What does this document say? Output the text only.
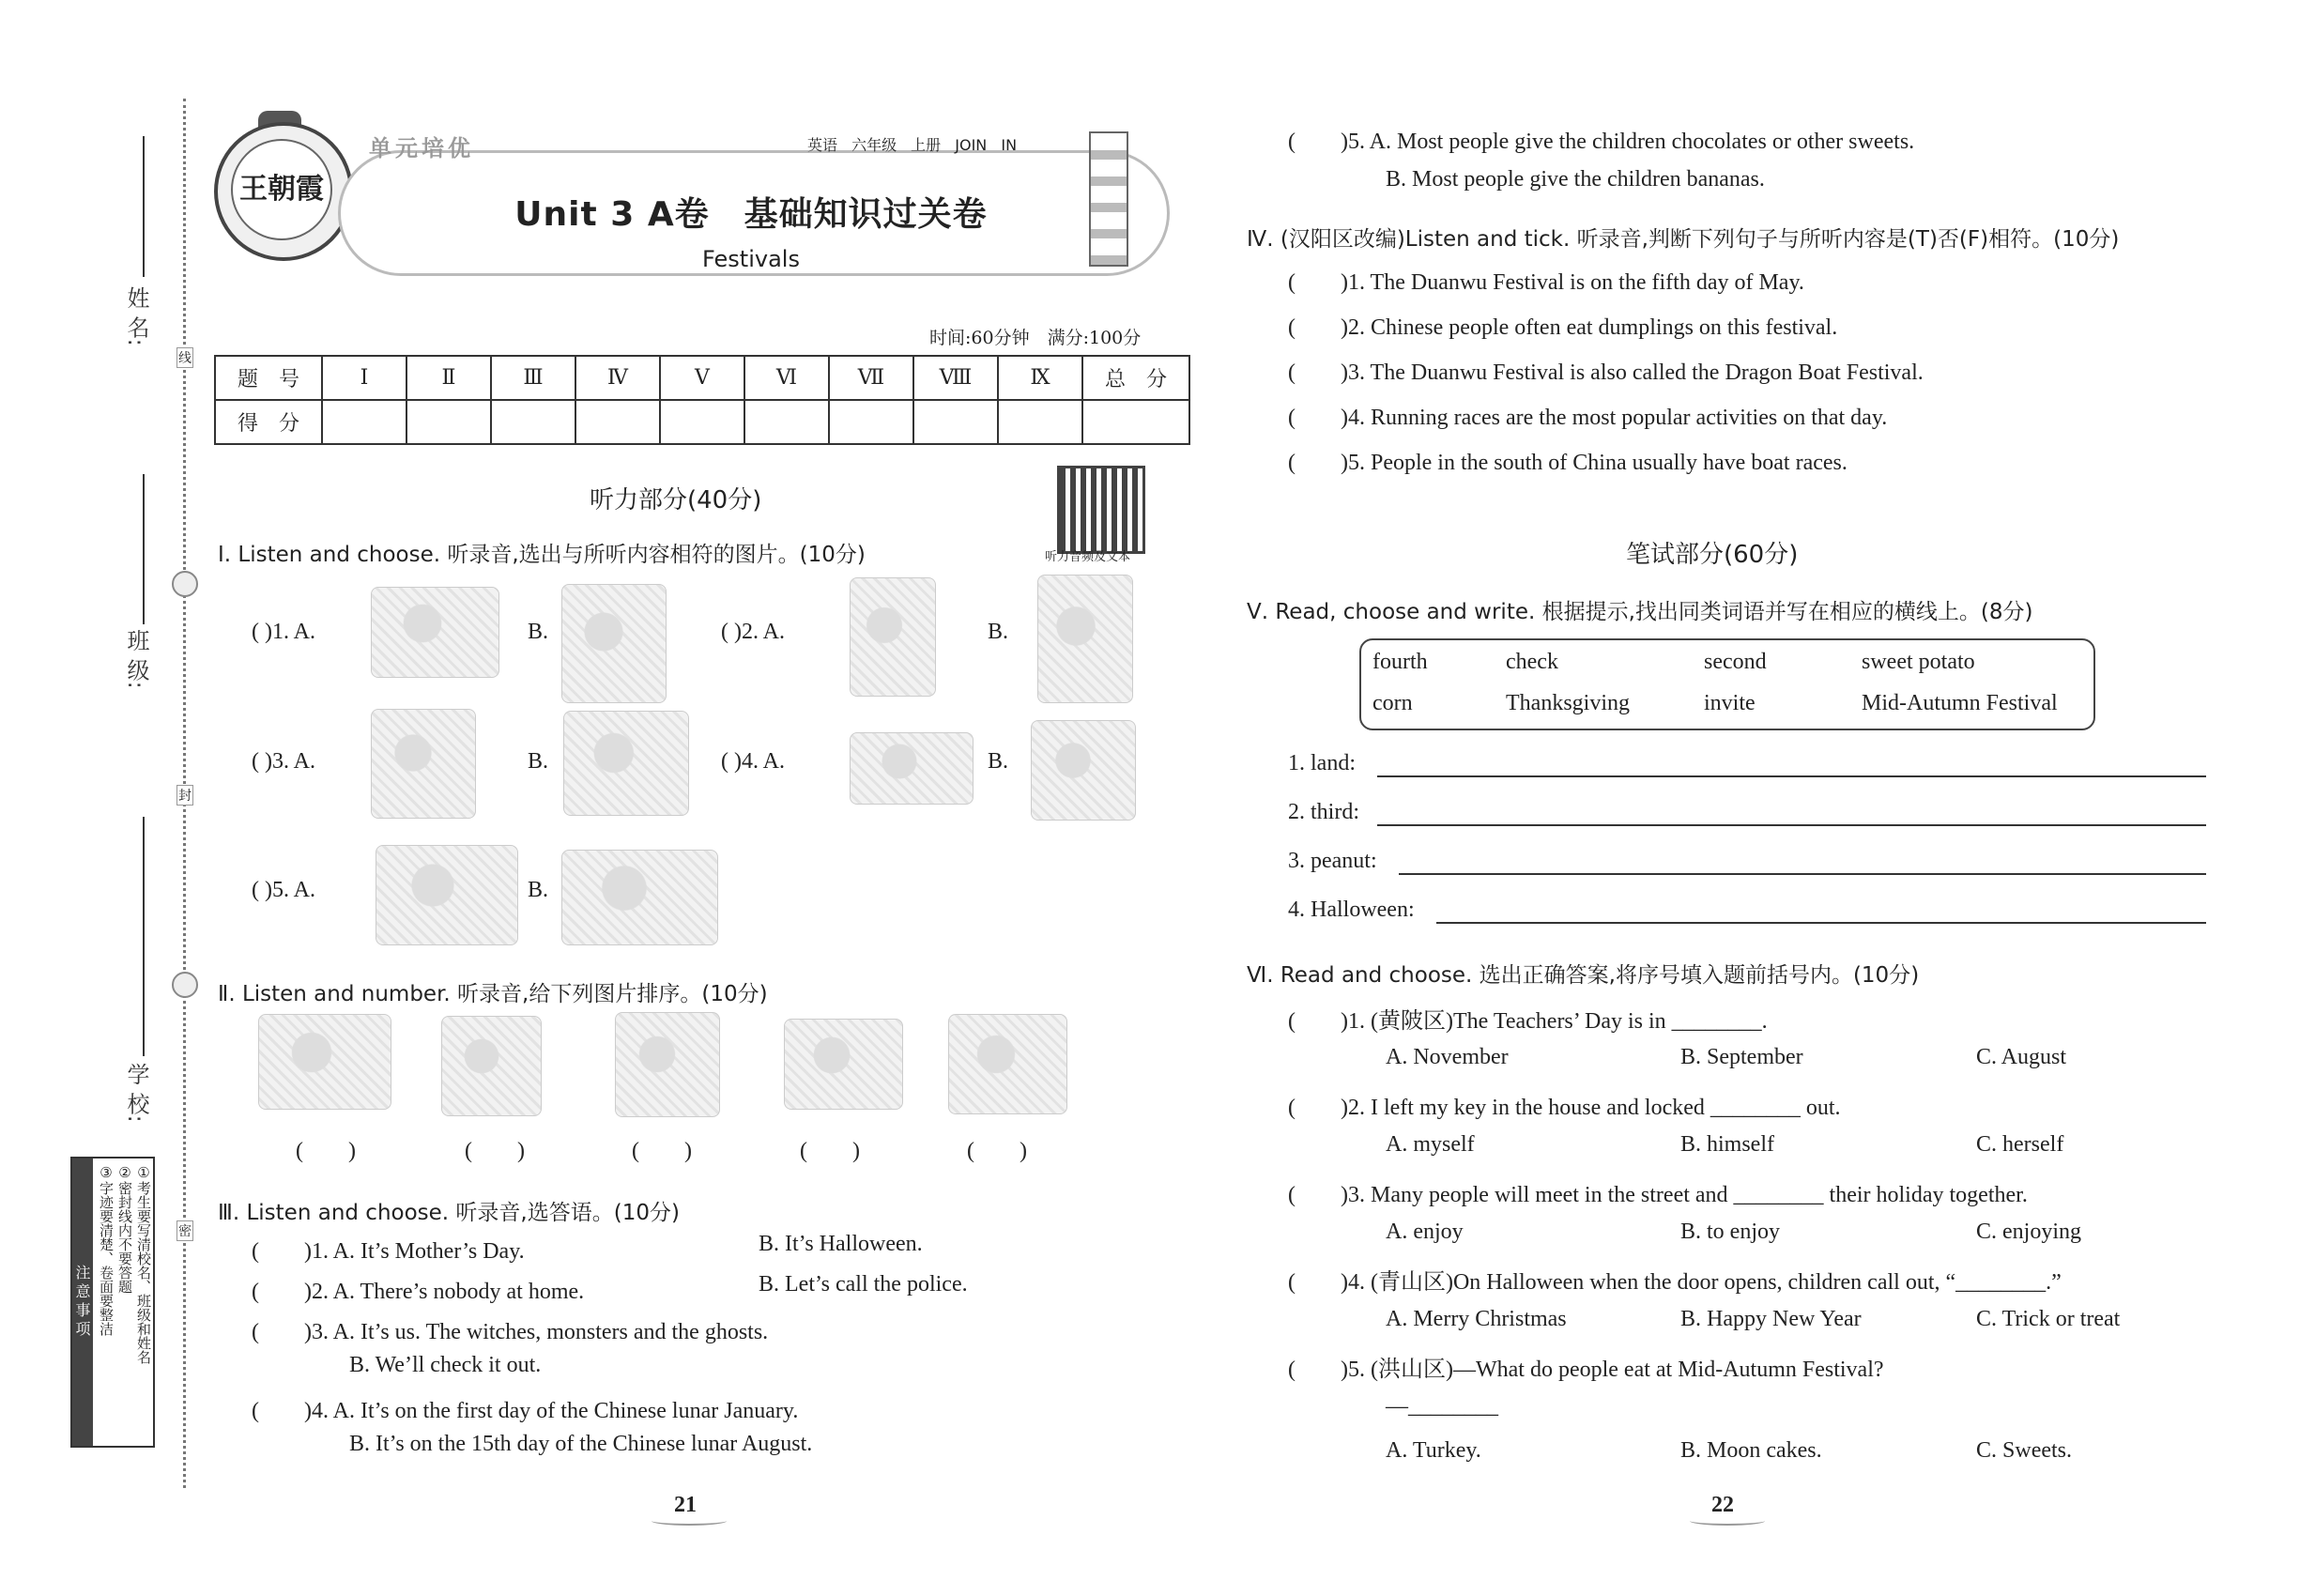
姓 名:
班 级:
学 校:
线
封
密
注意事项	①考生要写清校名、班级和姓名
②密封线内不要答题
③字迹要清楚、卷面要整洁
王朝霞
单元培优	英语 六年级 上册 JOIN IN
Unit 3 A卷　基础知识过关卷
Festivals
时间:60分钟　满分:100分
题　号	Ⅰ	Ⅱ	Ⅲ	Ⅳ	Ⅴ	Ⅵ	Ⅶ	Ⅷ	Ⅸ	总　分
得　分										
听力部分(40分)
听力音频及文本
Ⅰ. Listen and choose. 听录音,选出与所听内容相符的图片。(10分)
( )1. A.	B.	( )2. A.	B.
( )3. A.	B.	( )4. A.	B.
( )5. A.	B.
Ⅱ. Listen and number. 听录音,给下列图片排序。(10分)
(　　)	(　　)	(　　)	(　　)	(　　)
Ⅲ. Listen and choose. 听录音,选答语。(10分)
(　　)1. A. It’s Mother’s Day.	B. It’s Halloween.
(　　)2. A. There’s nobody at home.	B. Let’s call the police.
(　　)3. A. It’s us. The witches, monsters and the ghosts.
B. We’ll check it out.
(　　)4. A. It’s on the first day of the Chinese lunar January.
B. It’s on the 15th day of the Chinese lunar August.
21
(　　)5. A. Most people give the children chocolates or other sweets.
B. Most people give the children bananas.
Ⅳ. (汉阳区改编)Listen and tick. 听录音,判断下列句子与所听内容是(T)否(F)相符。(10分)
(　　)1. The Duanwu Festival is on the fifth day of May.
(　　)2. Chinese people often eat dumplings on this festival.
(　　)3. The Duanwu Festival is also called the Dragon Boat Festival.
(　　)4. Running races are the most popular activities on that day.
(　　)5. People in the south of China usually have boat races.
笔试部分(60分)
Ⅴ. Read, choose and write. 根据提示,找出同类词语并写在相应的横线上。(8分)
fourth	check	second	sweet potato
corn	Thanksgiving	invite	Mid-Autumn Festival
1. land:
2. third:
3. peanut:
4. Halloween:
Ⅵ. Read and choose. 选出正确答案,将序号填入题前括号内。(10分)
(　　)1. (黄陂区)The Teachers’ Day is in ________.
A. November	B. September	C. August
(　　)2. I left my key in the house and locked ________ out.
A. myself	B. himself	C. herself
(　　)3. Many people will meet in the street and ________ their holiday together.
A. enjoy	B. to enjoy	C. enjoying
(　　)4. (青山区)On Halloween when the door opens, children call out, “________.”
A. Merry Christmas	B. Happy New Year	C. Trick or treat
(　　)5. (洪山区)—What do people eat at Mid-Autumn Festival?
—________
A. Turkey.	B. Moon cakes.	C. Sweets.
22
